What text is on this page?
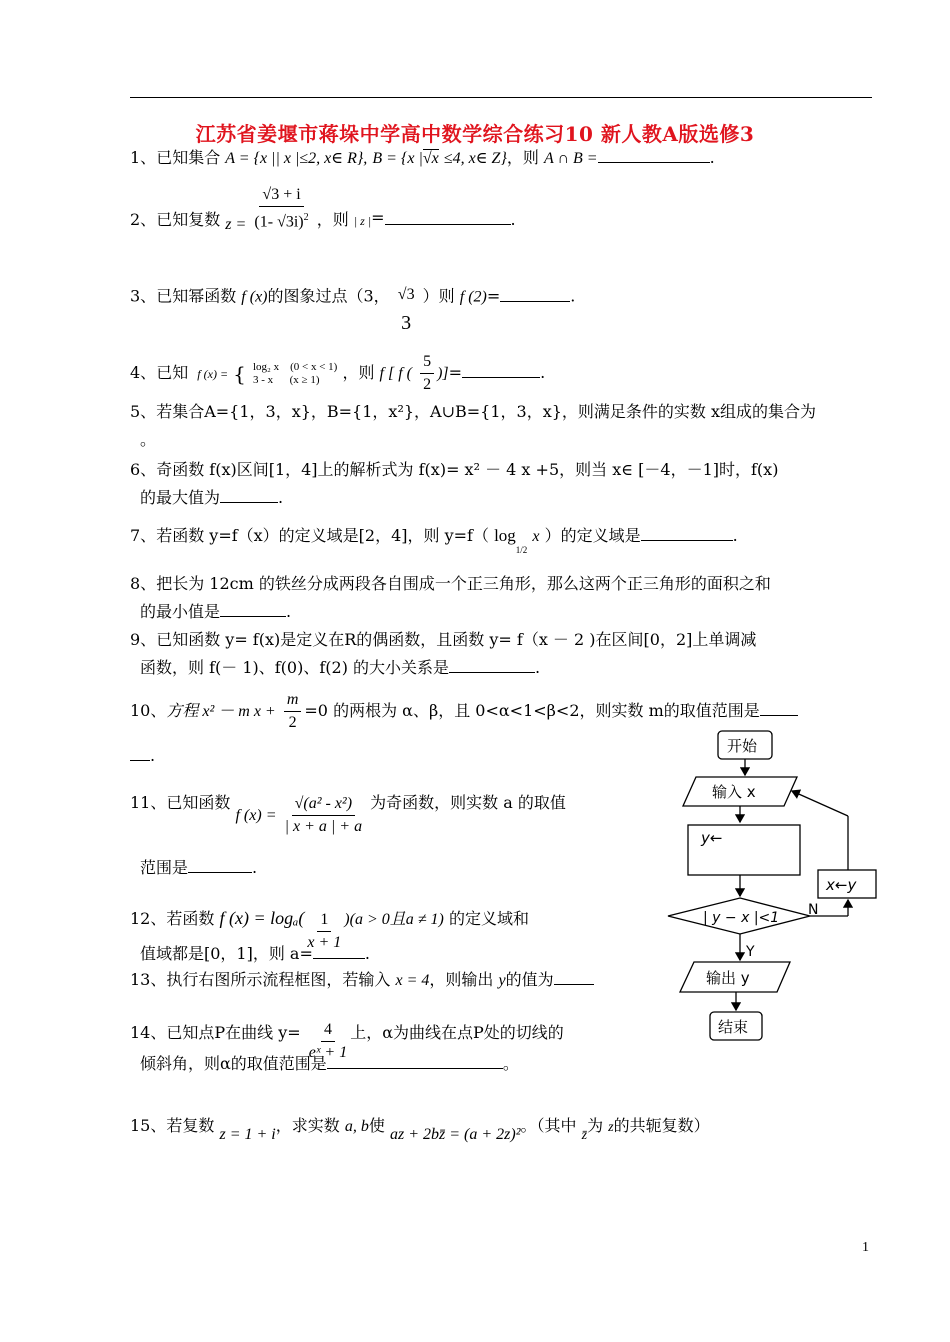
江苏省姜堰市蒋垛中学高中数学综合练习10 新人教A版选修3
1、已知集合 A = {x || x |≤2, x∈ R}, B = {x |√x ≤4, x∈ Z}，则 A ∩ B =	.
2、已知复数 $z = \frac{√3 + i}{(1- √3i)^2}$ ，则 $_{| z |}$=	.
3、已知幂函数 f (x)的图象过点（3， √3
3
）则 f (2)=	.
4、已知 f (x) = { log₂ x    (0 < x < 1)
3 - x      (x ≥ 1)	，则 f [ f ( $\frac{5}{2}$ )]=	.
5、若集合A={1，3，x}，B={1，x²}，A∪B={1，3，x}，则满足条件的实数 x组成的集合为
。
6、奇函数 f(x)区间[1，4]上的解析式为 f(x)= x² － 4 x +5，则当 x∈ [－4，－1]时，f(x)
的最大值为	.
7、若函数 y=f（x）的定义域是[2，4]，则 y=f（ $\log_{1/2} x$ ）的定义域是	.
8、把长为 12cm 的铁丝分成两段各自围成一个正三角形，那么这两个正三角形的面积之和
的最小值是	.
9、已知函数 y= f(x)是定义在R的偶函数，且函数 y= f（x － 2 )在区间[0，2]上单调减
函数，则 f(－ 1)、f(0)、f(2) 的大小关系是	.
10、方程 x² － m $x + \frac{m}{2} =0$ 的两根为 α、β，且 0<α<1<β<2，则实数 m的取值范围是
.
11、已知函数 f $(x) = \frac{\text{√(a² - x²)}}{| x + a | + a}$ 为奇函数，则实数 a 的取值
范围是	.
12、若函数 f $(x) = \log_a( \frac{1}{x + 1} )(a > 0$且a ≠ 1) 的定义域和
值域都是[0，1]，则 a=	.
13、执行右图所示流程框图，若输入 x = 4，则输出 y的值为
14、已知点P在曲线 $y= \frac{4}{\text{eˣ + 1}}$ 上，α为曲线在点P处的切线的
倾斜角，则α的取值范围是	。
15、若复数 z = 1 + i，求实数 a, b使 az + 2bz̄ = (a + 2z)²。（其中 z̄为 z的共轭复数）
开始
输入 x
y←
x←y
| y − x |<1 N
Y
输出 y
结束
1
